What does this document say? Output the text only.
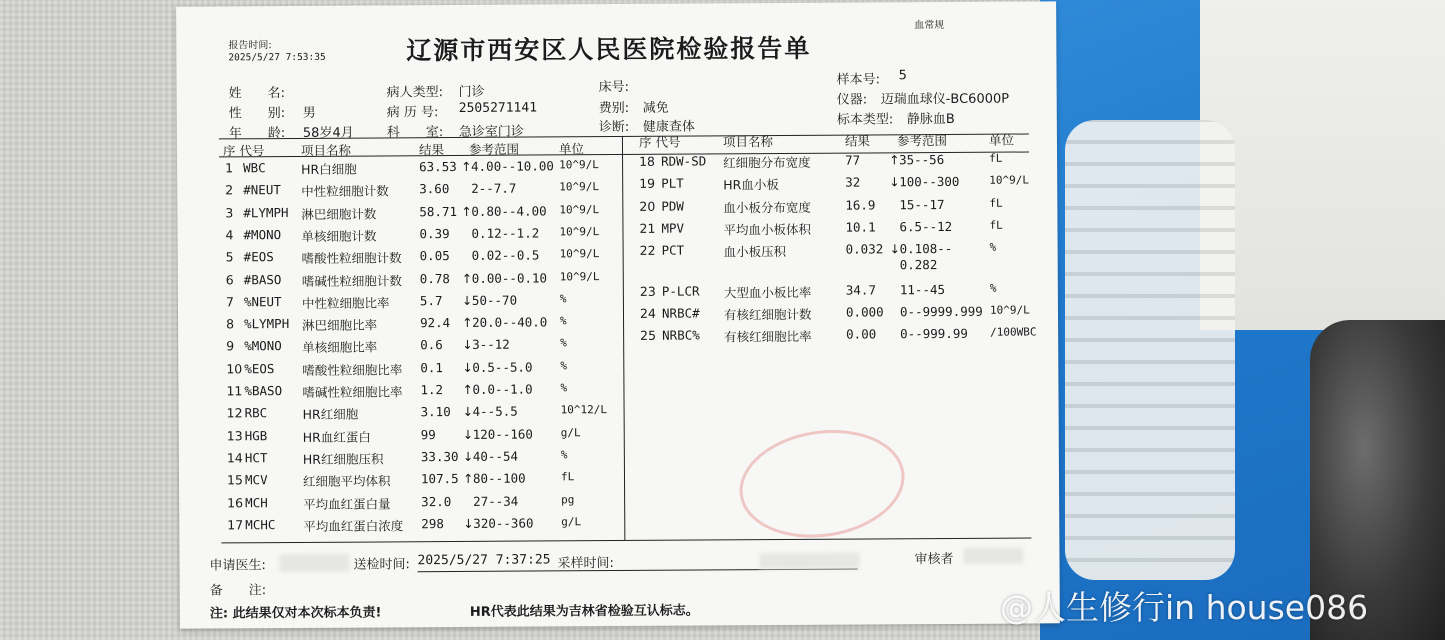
报告时间:
2025/5/27 7:53:35	辽源市西安区人民医院检验报告单
血常规
姓　　名:
性　　别: 男
年　　龄: 58岁4月
病人类型: 门诊
病 历 号: 2505271141
科　　室: 急诊室门诊
床号:
费别: 减免
诊断: 健康查体
样本号: 5
仪器: 迈瑞血球仪-BC6000P
标本类型: 静脉血B
序 代号	项目名称	结果 参考范围	单位	序 代号	项目名称	结果 参考范围	单位
1 WBC	HR白细胞	63.53 ↑ 4.00--10.00 10^9/L
2 #NEUT 中性粒细胞计数 3.60 2--7.7	10^9/L
3 #LYMPH 淋巴细胞计数	58.71 ↑ 0.80--4.00 10^9/L
4 #MONO 单核细胞计数	0.39 0.12--1.2 10^9/L
5 #EOS 嗜酸性粒细胞计数 0.05 0.02--0.5 10^9/L
6 #BASO 嗜碱性粒细胞计数 0.78 ↑ 0.00--0.10 10^9/L
7 %NEUT 中性粒细胞比率 5.7 ↓ 50--70	%
8 %LYMPH 淋巴细胞比率	92.4 ↑ 20.0--40.0 %
9 %MONO 单核细胞比率	0.6 ↓ 3--12	%
10 %EOS 嗜酸性粒细胞比率 0.1 ↓ 0.5--5.0	%
11 %BASO 嗜碱性粒细胞比率 1.2 ↑ 0.0--1.0	%
12 RBC	HR红细胞	3.10 ↓ 4--5.5	10^12/L
13 HGB	HR血红蛋白	99 ↓ 120--160	g/L
14 HCT	HR红细胞压积	33.30 ↓ 40--54	%
15 MCV	红细胞平均体积 107.5 ↑ 80--100	fL
16 MCH	平均血红蛋白量 32.0 27--34	pg
17 MCHC 平均血红蛋白浓度 298 ↓ 320--360	g/L
18 RDW-SD 红细胞分布宽度	77 ↑ 35--56	fL
19 PLT	HR血小板	32 ↓ 100--300	10^9/L
20 PDW	血小板分布宽度	16.9 15--17	fL
21 MPV	平均血小板体积	10.1 6.5--12	fL
22 PCT	血小板压积	0.032 ↓ 0.108--	%
0.282
23 P-LCR 大型血小板比率	34.7 11--45	%
24 NRBC# 有核红细胞计数	0.000 0--9999.999 10^9/L
25 NRBC% 有核红细胞比率	0.00 0--999.99 /100WBC
申请医生:	送检时间: 2025/5/27 7:37:25 采样时间:	审核者
备　　注:
注: 此结果仅对本次标本负责!	HR代表此结果为吉林省检验互认标志。	@人生修行in house086
